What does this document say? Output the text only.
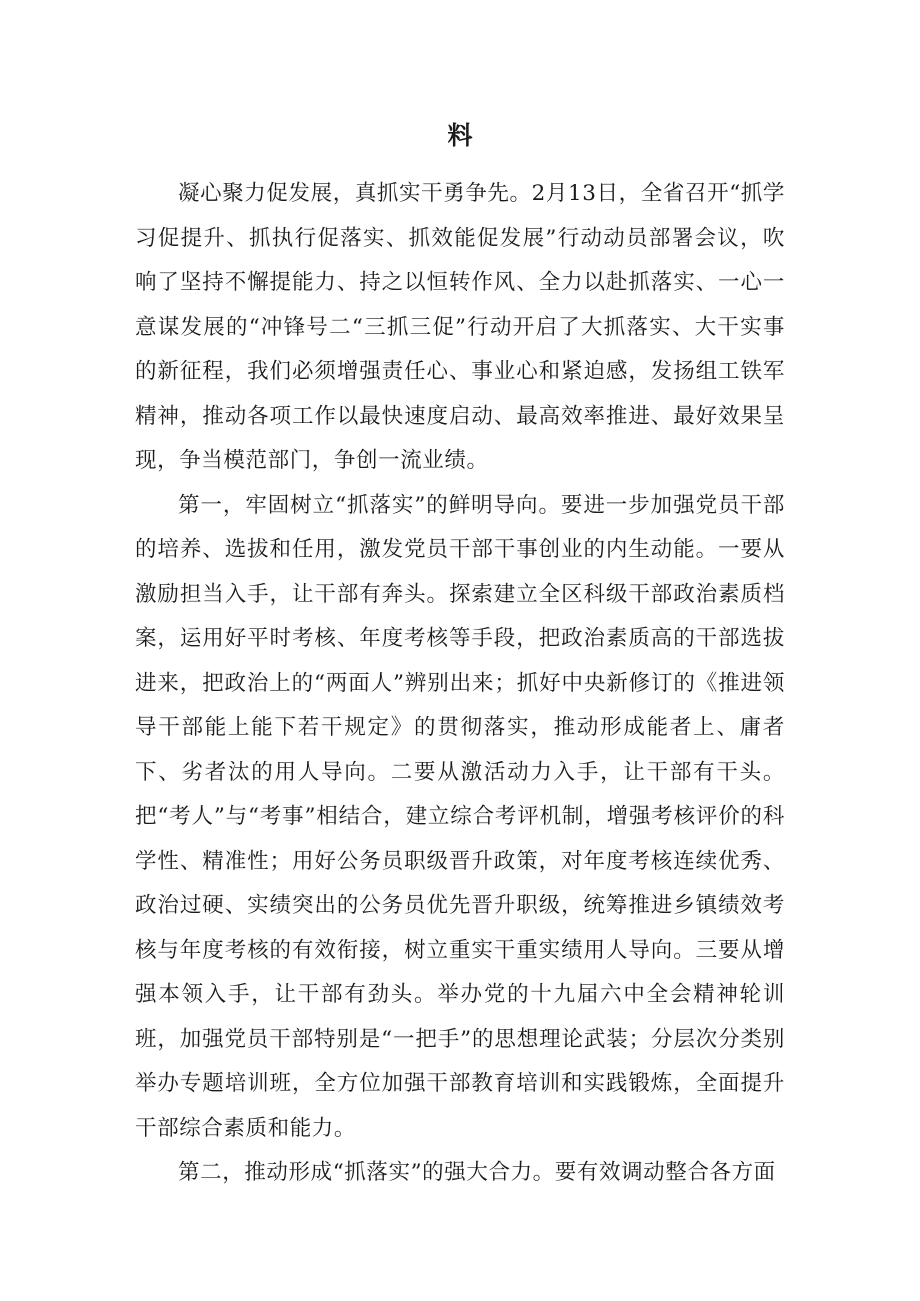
料

凝心聚力促发展，真抓实干勇争先。2月13日，全省召开“抓学习促提升、抓执行促落实、抓效能促发展”行动动员部署会议，吹响了坚持不懈提能力、持之以恒转作风、全力以赴抓落实、一心一意谋发展的“冲锋号二“三抓三促”行动开启了大抓落实、大干实事的新征程，我们必须增强责任心、事业心和紧迫感，发扬组工铁军精神，推动各项工作以最快速度启动、最高效率推进、最好效果呈现，争当模范部门，争创一流业绩。

第一，牢固树立“抓落实”的鲜明导向。要进一步加强党员干部的培养、选拔和任用，激发党员干部干事创业的内生动能。一要从激励担当入手，让干部有奔头。探索建立全区科级干部政治素质档案，运用好平时考核、年度考核等手段，把政治素质高的干部选拔进来，把政治上的“两面人”辨别出来；抓好中央新修订的《推进领导干部能上能下若干规定》的贯彻落实，推动形成能者上、庸者下、劣者汰的用人导向。二要从激活动力入手，让干部有干头。把“考人”与“考事”相结合，建立综合考评机制，增强考核评价的科学性、精准性；用好公务员职级晋升政策，对年度考核连续优秀、政治过硬、实绩突出的公务员优先晋升职级，统筹推进乡镇绩效考核与年度考核的有效衔接，树立重实干重实绩用人导向。三要从增强本领入手，让干部有劲头。举办党的十九届六中全会精神轮训班，加强党员干部特别是“一把手”的思想理论武装；分层次分类别举办专题培训班，全方位加强干部教育培训和实践锻炼，全面提升干部综合素质和能力。

第二，推动形成“抓落实”的强大合力。要有效调动整合各方面
